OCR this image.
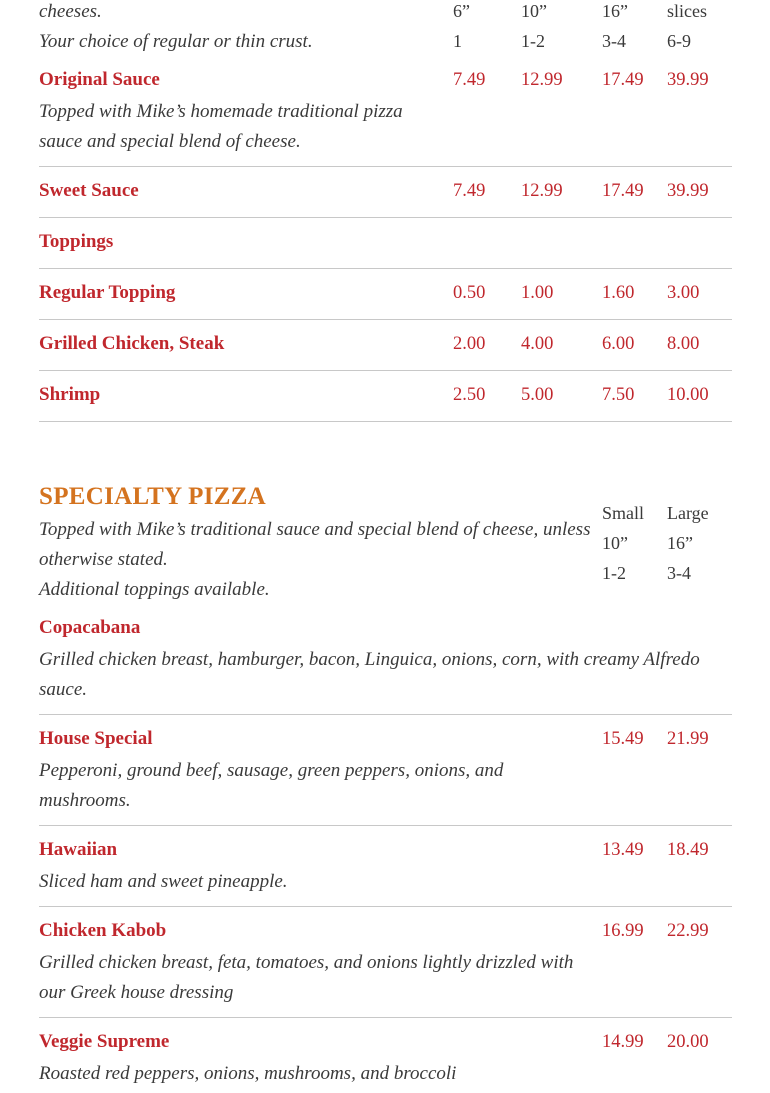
cheeses.	6”	10”	16” slices
Your choice of regular or thin crust.	1	1-2	3-4 6-9
Original Sauce	7.49 12.99 17.49 39.99
Topped with Mike’s homemade traditional pizza
sauce and special blend of cheese.
Sweet Sauce	7.49 12.99 17.49 39.99
Toppings
Regular Topping	0.50 1.00	1.60 3.00
Grilled Chicken, Steak	2.00 4.00	6.00 8.00
Shrimp	2.50 5.00	7.50 10.00
SPECIALTY PIZZA
Small Large
Topped with Mike’s traditional sauce and special blend of cheese, unless
10” 16”
otherwise stated.
1-2 3-4
Additional toppings available.
Copacabana
Grilled chicken breast, hamburger, bacon, Linguica, onions, corn, with creamy Alfredo
sauce.
House Special	15.49 21.99
Pepperoni, ground beef, sausage, green peppers, onions, and
mushrooms.
Hawaiian	13.49 18.49
Sliced ham and sweet pineapple.
Chicken Kabob	16.99 22.99
Grilled chicken breast, feta, tomatoes, and onions lightly drizzled with
our Greek house dressing
Veggie Supreme	14.99 20.00
Roasted red peppers, onions, mushrooms, and broccoli
